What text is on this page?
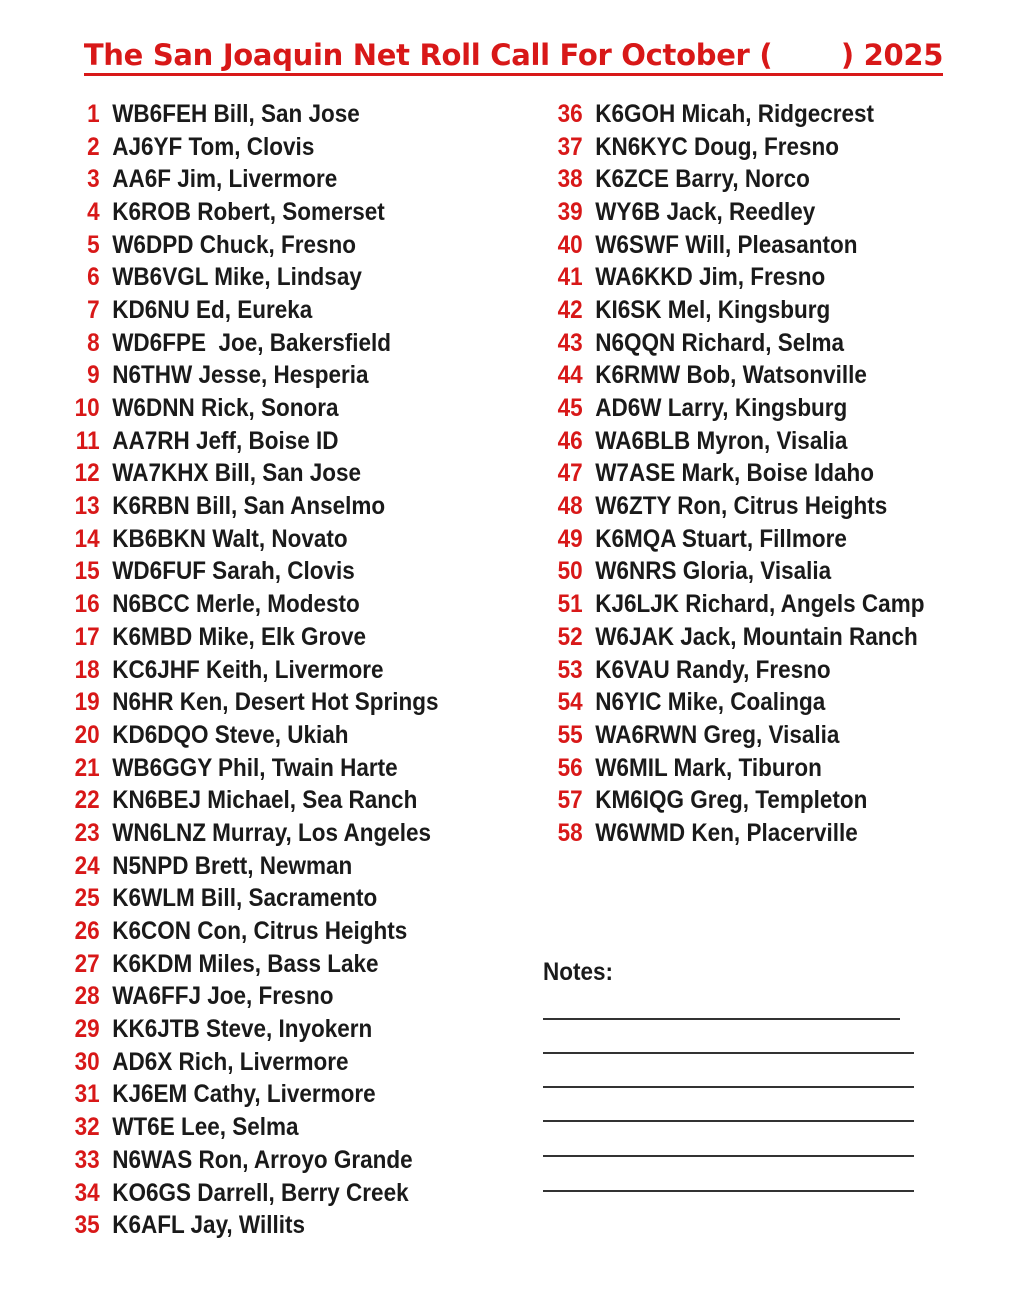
The San Joaquin Net Roll Call For October (       ) 2025
1 WB6FEH Bill, San Jose
2 AJ6YF Tom, Clovis
3 AA6F Jim, Livermore
4 K6ROB Robert, Somerset
5 W6DPD Chuck, Fresno
6 WB6VGL Mike, Lindsay
7 KD6NU Ed, Eureka
8 WD6FPE  Joe, Bakersfield
9 N6THW Jesse, Hesperia
10 W6DNN Rick, Sonora
11 AA7RH Jeff, Boise ID
12 WA7KHX Bill, San Jose
13 K6RBN Bill, San Anselmo
14 KB6BKN Walt, Novato
15 WD6FUF Sarah, Clovis
16 N6BCC Merle, Modesto
17 K6MBD Mike, Elk Grove
18 KC6JHF Keith, Livermore
19 N6HR Ken, Desert Hot Springs
20 KD6DQO Steve, Ukiah
21 WB6GGY Phil, Twain Harte
22 KN6BEJ Michael, Sea Ranch
23 WN6LNZ Murray, Los Angeles
24 N5NPD Brett, Newman
25 K6WLM Bill, Sacramento
26 K6CON Con, Citrus Heights
27 K6KDM Miles, Bass Lake
28 WA6FFJ Joe, Fresno
29 KK6JTB Steve, Inyokern
30 AD6X Rich, Livermore
31 KJ6EM Cathy, Livermore
32 WT6E Lee, Selma
33 N6WAS Ron, Arroyo Grande
34 KO6GS Darrell, Berry Creek
35 K6AFL Jay, Willits
36 K6GOH Micah, Ridgecrest
37 KN6KYC Doug, Fresno
38 K6ZCE Barry, Norco
39 WY6B Jack, Reedley
40 W6SWF Will, Pleasanton
41 WA6KKD Jim, Fresno
42 KI6SK Mel, Kingsburg
43 N6QQN Richard, Selma
44 K6RMW Bob, Watsonville
45 AD6W Larry, Kingsburg
46 WA6BLB Myron, Visalia
47 W7ASE Mark, Boise Idaho
48 W6ZTY Ron, Citrus Heights
49 K6MQA Stuart, Fillmore
50 W6NRS Gloria, Visalia
51 KJ6LJK Richard, Angels Camp
52 W6JAK Jack, Mountain Ranch
53 K6VAU Randy, Fresno
54 N6YIC Mike, Coalinga
55 WA6RWN Greg, Visalia
56 W6MIL Mark, Tiburon
57 KM6IQG Greg, Templeton
58 W6WMD Ken, Placerville
Notes:
